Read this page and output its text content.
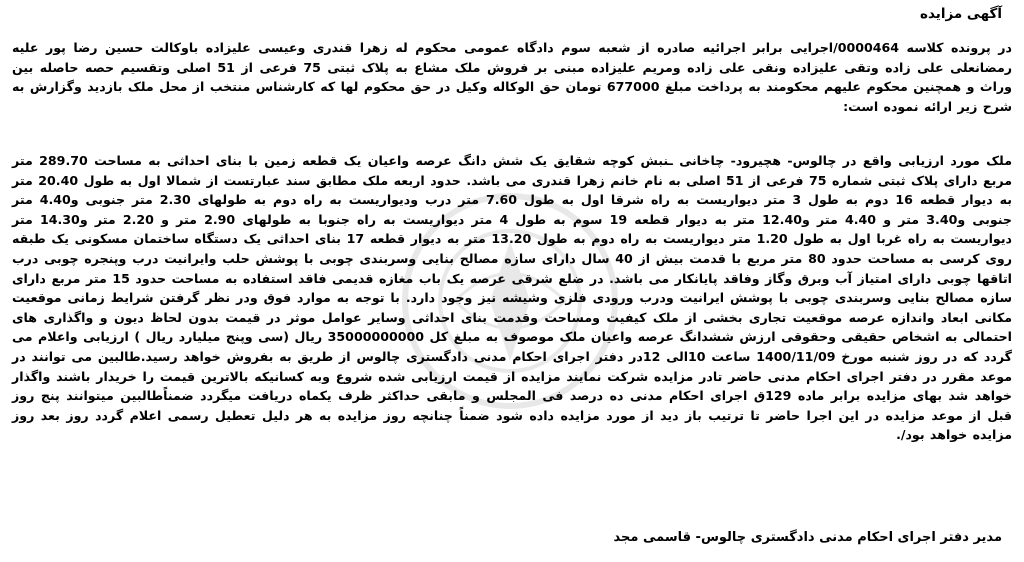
آگهی مزایده

در پرونده کلاسه 0000464/اجرایی برابر اجرائیه صادره از شعبه سوم دادگاه عمومی محکوم له زهرا قندری وعیسی علیزاده باوکالت حسین رضا پور علیه رمضانعلی علی زاده وتقی علیزاده ونقی علی زاده ومریم علیزاده مبنی بر فروش ملک مشاع به پلاک ثبتی 75 فرعی از 51 اصلی وتقسیم حصه حاصله بین وراث و همچنین محکوم علیهم محکومند به پرداخت مبلغ 677000 تومان حق الوکاله وکیل در حق محکوم لها که کارشناس منتخب از محل ملک بازدید وگزارش به شرح زیر ارائه نموده است:

ملک مورد ارزیابی واقع در چالوس- هچیرود- چاخانی ـنبش کوچه شقایق یک شش دانگ عرصه واعیان یک قطعه زمین با بنای احداثی به مساحت 289.70 متر مربع دارای پلاک ثبتی شماره 75 فرعی از 51 اصلی به نام خانم زهرا قندری می باشد. حدود اربعه ملک مطابق سند عبارتست از شمالا اول به طول 20.40 متر به دیوار قطعه 16 دوم به طول 3 متر دیواریست به راه شرقا اول به طول 7.60 متر درب ودیواریست به راه دوم به طولهای 2.30 متر جنوبی و4.40 متر جنوبی و3.40 متر و 4.40 متر و12.40 متر به دیوار قطعه 19 سوم به طول 4 متر دیواریست به راه جنوبا به طولهای 2.90 متر و 2.20 متر و14.30 متر دیواریست به راه غربا اول به طول 1.20 متر دیواریست به راه دوم به طول 13.20 متر به دیوار قطعه 17 بنای احداثی یک دستگاه ساختمان مسکونی یک طبقه روی کرسی به مساحت حدود 80 متر مربع با قدمت بیش از 40 سال دارای سازه مصالح بنایی وسربندی چوبی با پوشش حلب وایرانیت درب وپنجره چوبی درب اتاقها چوبی دارای امتیاز آب وبرق وگاز وفاقد پایانکار می باشد. در ضلع شرقی عرصه یک باب مغازه قدیمی فاقد استفاده به مساحت حدود 15 متر مربع دارای سازه مصالح بنایی وسربندی چوبی با پوشش ایرانیت ودرب ورودی فلزی وشیشه نیز وجود دارد. با توجه به موارد فوق ودر نظر گرفتن شرایط زمانی موقعیت مکانی ابعاد واندازه عرصه موقعیت تجاری بخشی از ملک کیفیت ومساحت وقدمت بنای احداثی وسایر عوامل موثر در قیمت بدون لحاظ دیون و واگذاری های احتمالی به اشخاص حقیقی وحقوقی ارزش ششدانگ عرصه واعیان ملک موصوف به مبلغ کل 35000000000 ریال (سی وپنج میلیارد ریال ) ارزیابی واعلام می گردد که در روز شنبه مورخ 1400/11/09 ساعت 10الی 12در دفتر اجرای احکام مدنی دادگستری چالوس از طریق به بفروش خواهد رسید.طالبین می توانند در موعد مقرر در دفتر اجرای احکام مدنی حاضر تادر مزایده شرکت نمایند مزایده از قیمت ارزیابی شده شروع وبه کسانیکه بالاترین قیمت را خریدار باشند واگذار خواهد شد بهای مزایده برابر ماده 129ق اجرای احکام مدنی ده درصد فی المجلس و مابقی حداکثر ظرف یکماه دریافت میگردد ضمناًطالبین میتوانند پنج روز قبل از موعد مزایده در این اجرا حاضر تا ترتیب باز دید از مورد مزایده داده شود ضمناً چنانچه روز مزایده به هر دلیل تعطیل رسمی اعلام گردد روز بعد روز مزایده خواهد بود/.

مدیر دفتر اجرای احکام مدنی دادگستری چالوس- قاسمی مجد
